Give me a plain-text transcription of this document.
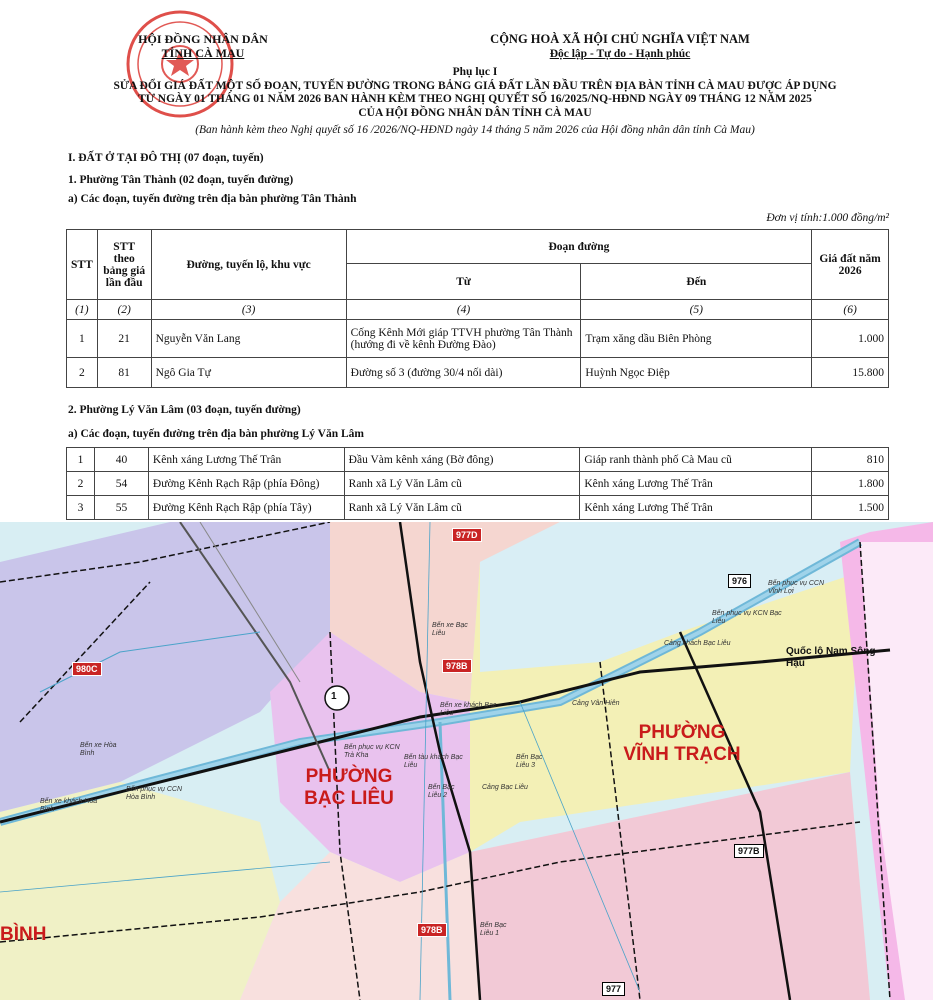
HỘI ĐỒNG NHÂN DÂN
TỈNH CÀ MAU
CỘNG HOÀ XÃ HỘI CHỦ NGHĨA VIỆT NAM
Độc lập - Tự do - Hạnh phúc
Phụ lục I
SỬA ĐỔI GIÁ ĐẤT MỘT SỐ ĐOẠN, TUYẾN ĐƯỜNG TRONG BẢNG GIÁ ĐẤT LẦN ĐẦU TRÊN ĐỊA BÀN TỈNH CÀ MAU ĐƯỢC ÁP DỤNG
TỪ NGÀY 01 THÁNG 01 NĂM 2026 BAN HÀNH KÈM THEO NGHỊ QUYẾT SỐ 16/2025/NQ-HĐND NGÀY 09 THÁNG 12 NĂM 2025
CỦA HỘI ĐỒNG NHÂN DÂN TỈNH CÀ MAU
(Ban hành kèm theo Nghị quyết số 16 /2026/NQ-HĐND ngày 14 tháng 5 năm 2026 của Hội đồng nhân dân tỉnh Cà Mau)
I. ĐẤT Ở TẠI ĐÔ THỊ (07 đoạn, tuyến)
1. Phường Tân Thành (02 đoạn, tuyến đường)
a) Các đoạn, tuyến đường trên địa bàn phường Tân Thành
Đơn vị tính:1.000 đồng/m²
STT	STT theo bảng giá lần đầu	Đường, tuyến lộ, khu vực	Đoạn đường		Giá đất năm 2026
			Từ	Đến	
(1)	(2)	(3)	(4)	(5)	(6)
1	21	Nguyễn Văn Lang	Cống Kênh Mới giáp TTVH phường Tân Thành (hướng đi về kênh Đường Đào)	Trạm xăng dầu Biên Phòng	1.000
2	81	Ngô Gia Tự	Đường số 3 (đường 30/4 nối dài)	Huỳnh Ngọc Điệp	15.800
2. Phường Lý Văn Lâm (03 đoạn, tuyến đường)
a) Các đoạn, tuyến đường trên địa bàn phường Lý Văn Lâm
1	40	Kênh xáng Lương Thế Trân	Đầu Vàm kênh xáng (Bờ đông)	Giáp ranh thành phố Cà Mau cũ	810
2	54	Đường Kênh Rạch Rập (phía Đông)	Ranh xã Lý Văn Lâm cũ	Kênh xáng Lương Thế Trân	1.800
3	55	Đường Kênh Rạch Rập (phía Tây)	Ranh xã Lý Văn Lâm cũ	Kênh xáng Lương Thế Trân	1.500
PHƯỜNG BẠC LIÊU
PHƯỜNG VĨNH TRẠCH
BÌNH
Quốc lộ Nam Sông Hậu
1
977D
976
980C	978B
977B
978B
977
Bến xe Bạc Liêu
Bến xe khách Bạc Liêu
Cảng Vân Hiên
Cảng khách Bạc Liêu
Bến phục vụ KCN Bạc Liêu
Bến phục vụ CCN Vĩnh Lợi
Bến phục vụ CCN Hòa Bình
Bến xe Hòa Bình
Bến xe khách Hòa Bình
Bến phục vụ KCN Trà Kha	Bến tàu khách Bạc Liêu
Bến Bạc Liêu 1
Bến Bạc Liêu 2
Bến Bạc Liêu 3
Cảng Bạc Liêu
